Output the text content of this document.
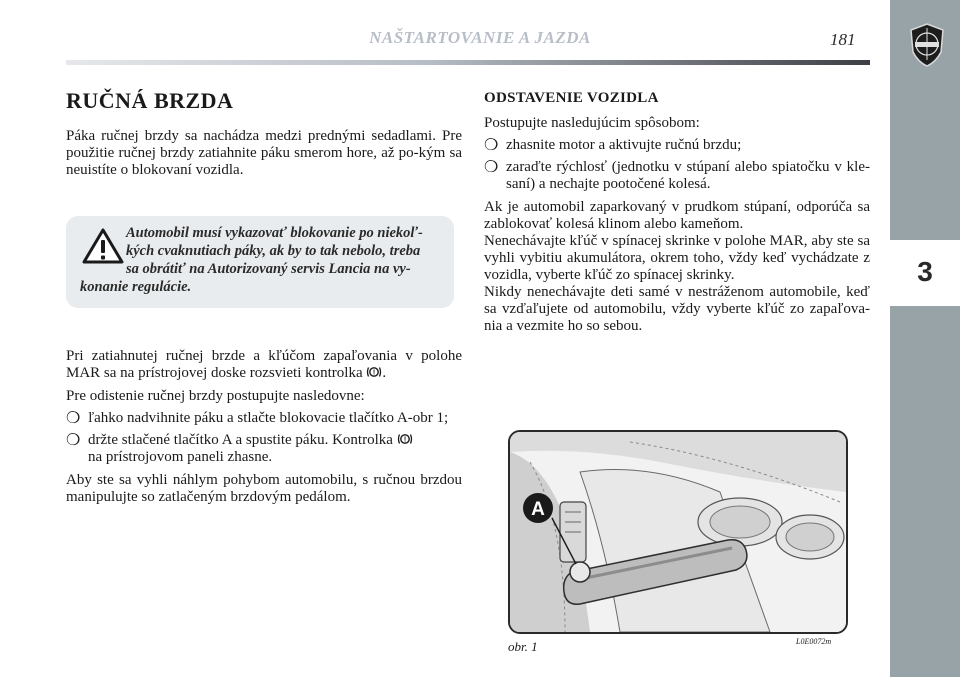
NAŠTARTOVANIE A JAZDA	181
3
RUČNÁ BRZDA

Páka ručnej brzdy sa nachádza medzi prednými sedadlami. Pre použitie ručnej brzdy zatiahnite páku smerom hore, až po-kým sa neuistíte o blokovaní vozidla.

Automobil musí vykazovať blokovanie po niekoľ-
kých cvaknutiach páky, ak by to tak nebolo, treba
sa obrátiť na Autorizovaný servis Lancia na vy-
konanie regulácie.

Pri zatiahnutej ručnej brzde a kľúčom zapaľovania v polohe MAR sa na prístrojovej doske rozsvieti kontrolka ! .

Pre odistenie ručnej brzdy postupujte nasledovne:

❍ ľahko nadvihnite páku a stlačte blokovacie tlačítko A-obr 1;
❍ držte stlačené tlačítko A a spustite páku. Kontrolka !
na prístrojovom paneli zhasne.

Aby ste sa vyhli náhlym pohybom automobilu, s ručnou brzdou manipulujte so zatlačeným brzdovým pedálom.

ODSTAVENIE VOZIDLA

Postupujte nasledujúcim spôsobom:

❍ zhasnite motor a aktivujte ručnú brzdu;
❍ zaraďte rýchlosť (jednotku v stúpaní alebo spiatočku v kle-saní) a nechajte pootočené kolesá.

Ak je automobil zaparkovaný v prudkom stúpaní, odporúča sa zablokovať kolesá klinom alebo kameňom.

Nenechávajte kľúč v spínacej skrinke v polohe MAR, aby ste sa vyhli vybitiu akumulátora, okrem toho, vždy keď vychádzate z vozidla, vyberte kľúč zo spínacej skrinky.

Nikdy nenechávajte deti samé v nestráženom automobile, keď sa vzďaľujete od automobilu, vždy vyberte kľúč zo zapaľova-nia a vezmite ho so sebou.

A
obr. 1	L0E0072m
